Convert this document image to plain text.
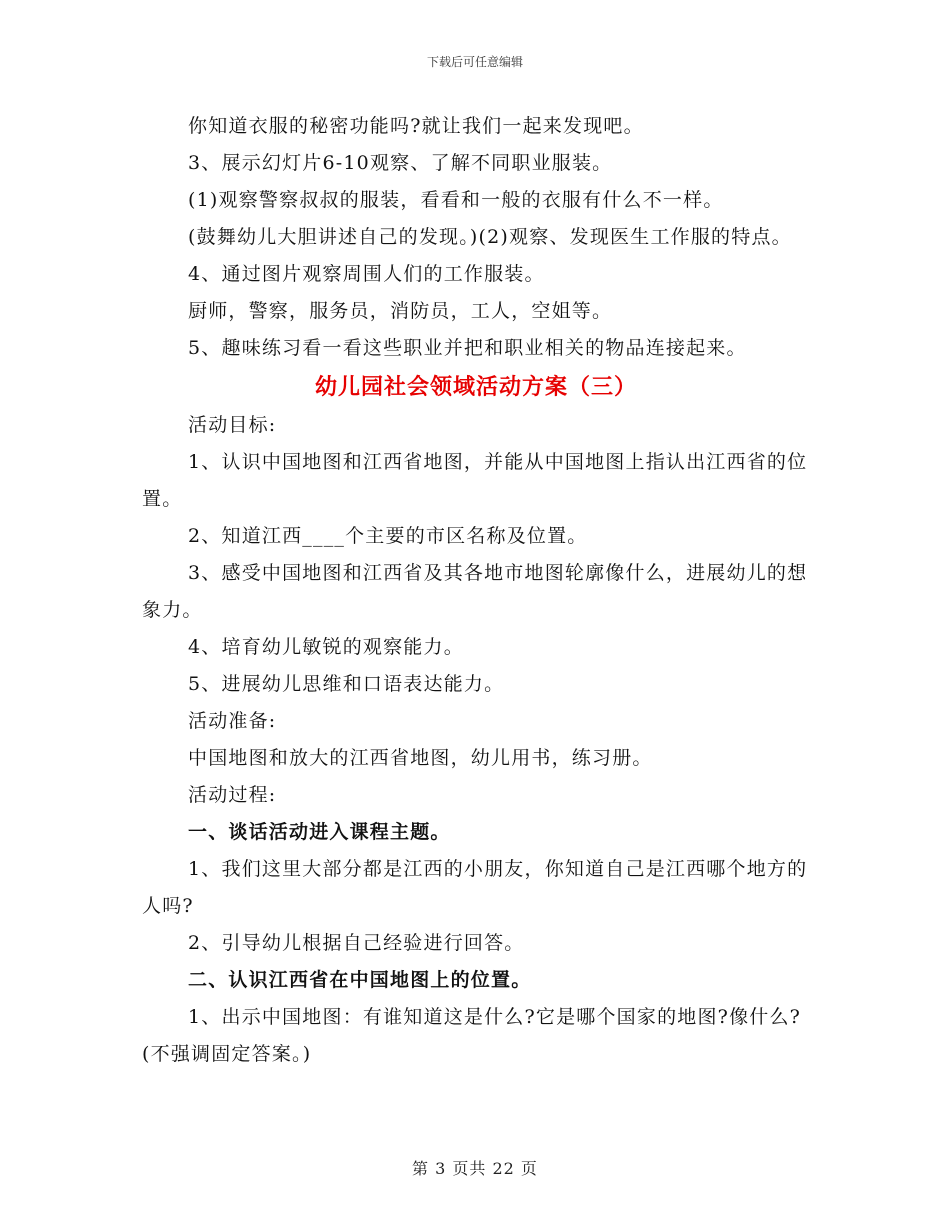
下载后可任意编辑

你知道衣服的秘密功能吗?就让我们一起来发现吧。

3、展示幻灯片6-10观察、了解不同职业服装。

(1)观察警察叔叔的服装，看看和一般的衣服有什么不一样。

(鼓舞幼儿大胆讲述自己的发现。)(2)观察、发现医生工作服的特点。

4、通过图片观察周围人们的工作服装。

厨师，警察，服务员，消防员，工人，空姐等。

5、趣味练习看一看这些职业并把和职业相关的物品连接起来。

幼儿园社会领域活动方案（三）

活动目标:

1、认识中国地图和江西省地图，并能从中国地图上指认出江西省的位置。

2、知道江西____个主要的市区名称及位置。

3、感受中国地图和江西省及其各地市地图轮廓像什么，进展幼儿的想象力。

4、培育幼儿敏锐的观察能力。

5、进展幼儿思维和口语表达能力。

活动准备:

中国地图和放大的江西省地图，幼儿用书，练习册。

活动过程:

一、谈话活动进入课程主题。

1、我们这里大部分都是江西的小朋友，你知道自己是江西哪个地方的人吗?

2、引导幼儿根据自己经验进行回答。

二、认识江西省在中国地图上的位置。

1、出示中国地图：有谁知道这是什么?它是哪个国家的地图?像什么?(不强调固定答案。)

第 3 页共 22 页
